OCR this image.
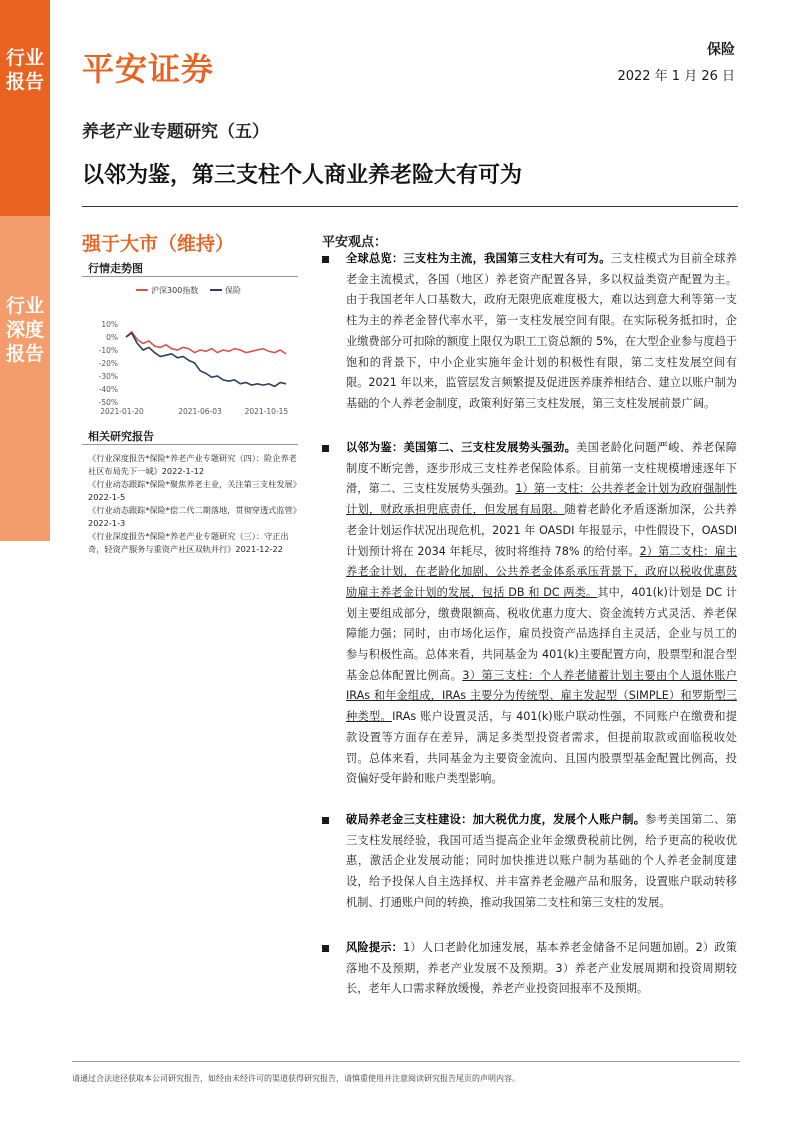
行业报告
行业深度报告
平安证券	保险
2022 年 1 月 26 日
养老产业专题研究（五）
以邻为鉴，第三支柱个人商业养老险大有可为
强于大市（维持）
行情走势图
沪深300指数	保险
10%
0%
-10%
-20%
-30%
-40%
-50%
2021-01-20	2021-06-03	2021-10-15
相关研究报告
《行业深度报告*保险*养老产业专题研究（四）：险企养老社区布局先下一城》2022-1-12
《行业动态跟踪*保险*聚焦养老主业，关注第三支柱发展》2022-1-5
《行业动态跟踪*保险*偿二代二期落地，贯彻穿透式监管》2022-1-3
《行业深度报告*保险*养老产业专题研究（三）：守正出奇，轻资产服务与重资产社区双轨并行》2021-12-22
平安观点：
全球总览：三支柱为主流，我国第三支柱大有可为。三支柱模式为目前全球养老金主流模式，各国（地区）养老资产配置各异，多以权益类资产配置为主。由于我国老年人口基数大，政府无限兜底难度极大，难以达到意大利等第一支柱为主的养老金替代率水平，第一支柱发展空间有限。在实际税务抵扣时，企业缴费部分可扣除的额度上限仅为职工工资总额的 5%，在大型企业参与度趋于饱和的背景下，中小企业实施年金计划的积极性有限，第二支柱发展空间有限。2021 年以来，监管层发言频繁提及促进医养康养相结合、建立以账户制为基础的个人养老金制度，政策利好第三支柱发展，第三支柱发展前景广阔。
以邻为鉴：美国第二、三支柱发展势头强劲。美国老龄化问题严峻、养老保障制度不断完善，逐步形成三支柱养老保险体系。目前第一支柱规模增速逐年下滑，第二、三支柱发展势头强劲。1）第一支柱：公共养老金计划为政府强制性计划，财政承担兜底责任，但发展有局限。随着老龄化矛盾逐渐加深，公共养老金计划运作状况出现危机，2021 年 OASDI 年报显示，中性假设下，OASDI 计划预计将在 2034 年耗尽，彼时将维持 78% 的给付率。2）第二支柱：雇主养老金计划，在老龄化加剧、公共养老金体系承压背景下，政府以税收优惠鼓励雇主养老金计划的发展，包括 DB 和 DC 两类。其中，401(k)计划是 DC 计划主要组成部分，缴费限额高、税收优惠力度大、资金流转方式灵活、养老保障能力强；同时，由市场化运作，雇员投资产品选择自主灵活，企业与员工的参与积极性高。总体来看，共同基金为 401(k)主要配置方向，股票型和混合型基金总体配置比例高。3）第三支柱：个人养老储蓄计划主要由个人退休账户 IRAs 和年金组成，IRAs 主要分为传统型、雇主发起型（SIMPLE）和罗斯型三种类型。IRAs 账户设置灵活，与 401(k)账户联动性强，不同账户在缴费和提款设置等方面存在差异，满足多类型投资者需求，但提前取款或面临税收处罚。总体来看，共同基金为主要资金流向、且国内股票型基金配置比例高，投资偏好受年龄和账户类型影响。
破局养老金三支柱建设：加大税优力度，发展个人账户制。参考美国第二、第三支柱发展经验，我国可适当提高企业年金缴费税前比例，给予更高的税收优惠，激活企业发展动能；同时加快推进以账户制为基础的个人养老金制度建设，给予投保人自主选择权、并丰富养老金融产品和服务，设置账户联动转移机制、打通账户间的转换，推动我国第二支柱和第三支柱的发展。
风险提示：1）人口老龄化加速发展，基本养老金储备不足问题加剧。2）政策落地不及预期，养老产业发展不及预期。3）养老产业发展周期和投资周期较长，老年人口需求释放缓慢，养老产业投资回报率不及预期。
请通过合法途径获取本公司研究报告，如经由未经许可的渠道获得研究报告，请慎重使用并注意阅读研究报告尾页的声明内容。
